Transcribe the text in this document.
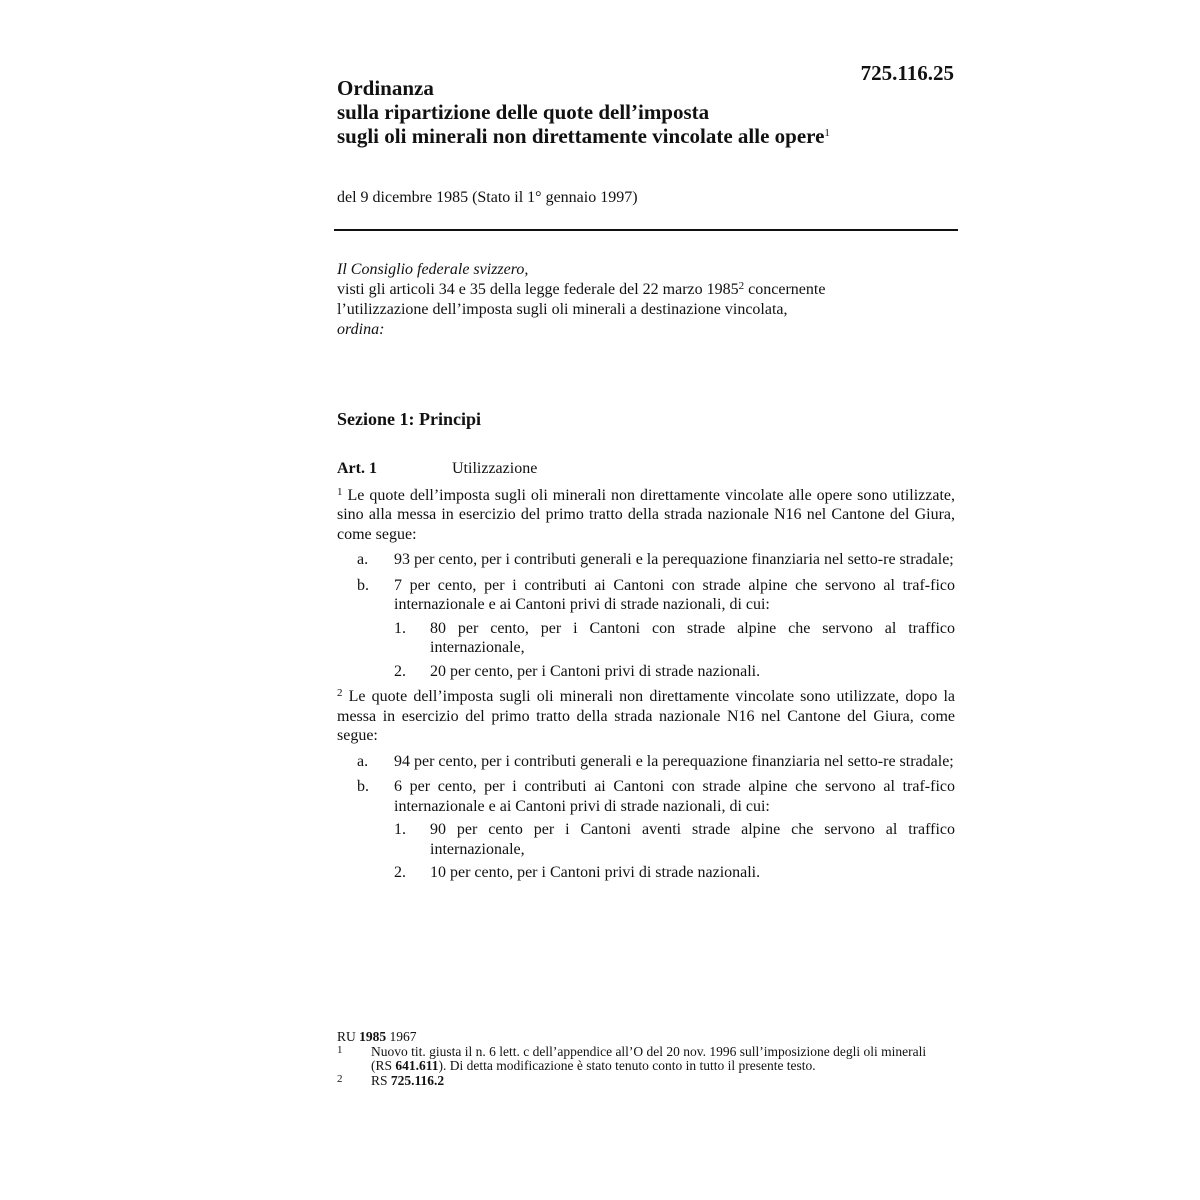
725.116.25
Ordinanza
sulla ripartizione delle quote dell’imposta
sugli oli minerali non direttamente vincolate alle opere$^1$
del 9 dicembre 1985 (Stato il 1° gennaio 1997)

Il Consiglio federale svizzero,

visti gli articoli 34 e 35 della legge federale del 22 marzo 1985$^2$ concernente

l’utilizzazione dell’imposta sugli oli minerali a destinazione vincolata,

ordina:

Sezione 1: Principi

Art. 1	Utilizzazione

$^1$ Le quote dell’imposta sugli oli minerali non direttamente vincolate alle opere sono utilizzate, sino alla messa in esercizio del primo tratto della strada nazionale N16 nel Cantone del Giura, come segue:

a. 93 per cento, per i contributi generali e la perequazione finanziaria nel setto-re stradale;
b. 7 per cento, per i contributi ai Cantoni con strade alpine che servono al traf-fico internazionale e ai Cantoni privi di strade nazionali, di cui:
1. 80 per cento, per i Cantoni con strade alpine che servono al traffico internazionale,
2. 20 per cento, per i Cantoni privi di strade nazionali.

$^2$ Le quote dell’imposta sugli oli minerali non direttamente vincolate sono utilizzate, dopo la messa in esercizio del primo tratto della strada nazionale N16 nel Cantone del Giura, come segue:

a. 94 per cento, per i contributi generali e la perequazione finanziaria nel setto-re stradale;
b. 6 per cento, per i contributi ai Cantoni con strade alpine che servono al traf-fico internazionale e ai Cantoni privi di strade nazionali, di cui:
1. 90 per cento per i Cantoni aventi strade alpine che servono al traffico internazionale,
2. 10 per cento, per i Cantoni privi di strade nazionali.

RU 1985 1967

1 Nuovo tit. giusta il n. 6 lett. c dell’appendice all’O del 20 nov. 1996 sull’imposizione degli oli minerali (RS 641.611). Di detta modificazione è stato tenuto conto in tutto il presente testo.

2 RS 725.116.2
